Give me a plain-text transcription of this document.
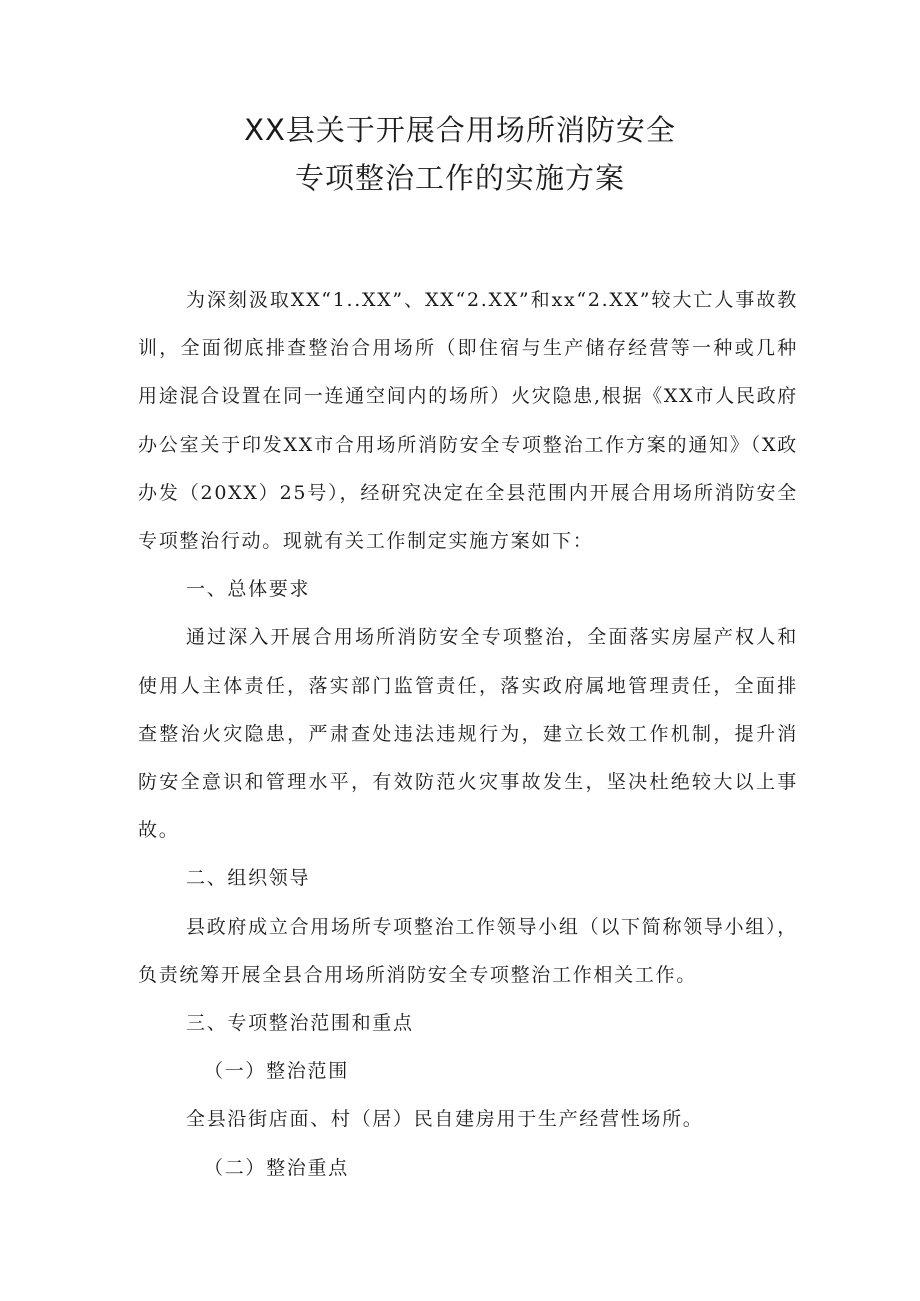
XX县关于开展合用场所消防安全
专项整治工作的实施方案

为深刻汲取XX“1..XX”、XX“2.XX”和xx“2.XX”较大亡人事故教训，全面彻底排查整治合用场所（即住宿与生产储存经营等一种或几种用途混合设置在同一连通空间内的场所）火灾隐患,根据《XX市人民政府办公室关于印发XX市合用场所消防安全专项整治工作方案的通知》（X政办发（20XX）25号），经研究决定在全县范围内开展合用场所消防安全专项整治行动。现就有关工作制定实施方案如下：

一、总体要求

通过深入开展合用场所消防安全专项整治，全面落实房屋产权人和使用人主体责任，落实部门监管责任，落实政府属地管理责任，全面排查整治火灾隐患，严肃查处违法违规行为，建立长效工作机制，提升消防安全意识和管理水平，有效防范火灾事故发生，坚决杜绝较大以上事故。

二、组织领导

县政府成立合用场所专项整治工作领导小组（以下简称领导小组），负责统筹开展全县合用场所消防安全专项整治工作相关工作。

三、专项整治范围和重点

（一）整治范围

全县沿街店面、村（居）民自建房用于生产经营性场所。

（二）整治重点
